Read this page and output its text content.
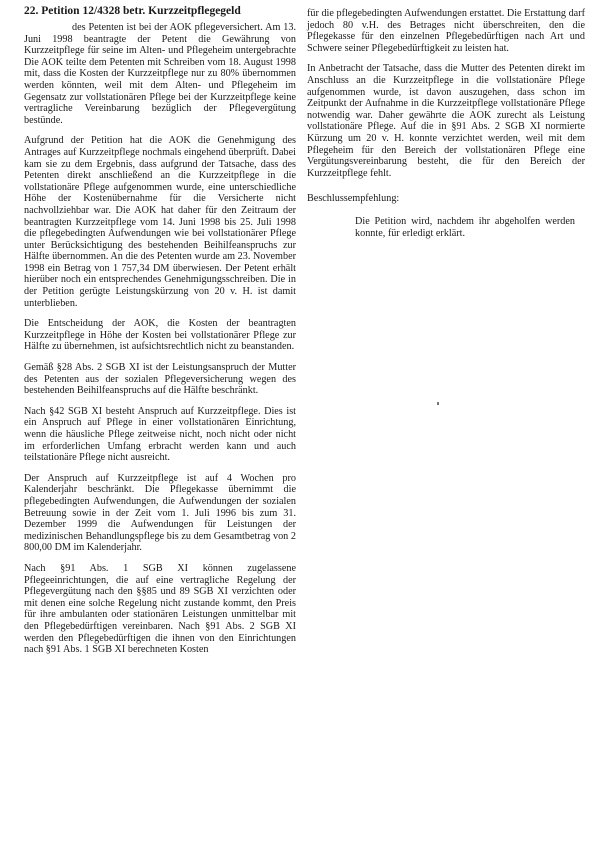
22. Petition 12/4328 betr. Kurzzeitpflegegeld

des Petenten ist bei der AOK pflegeversichert. Am 13. Juni 1998 beantragte der Petent die Gewährung von Kurzzeitpflege für seine im Alten- und Pflegeheim untergebrachte Die AOK teilte dem Petenten mit Schreiben vom 18. August 1998 mit, dass die Kosten der Kurzzeitpflege nur zu 80% übernommen werden könnten, weil mit dem Alten- und Pflegeheim im Gegensatz zur vollstationären Pflege bei der Kurzzeitpflege keine vertragliche Vereinbarung bezüglich der Pflegevergütung bestünde.

Aufgrund der Petition hat die AOK die Genehmigung des Antrages auf Kurzzeitpflege nochmals eingehend überprüft. Dabei kam sie zu dem Ergebnis, dass aufgrund der Tatsache, dass des Petenten direkt anschließend an die Kurzzeitpflege in die vollstationäre Pflege aufgenommen wurde, eine unterschiedliche Höhe der Kostenübernahme für die Versicherte nicht nachvollziehbar war. Die AOK hat daher für den Zeitraum der beantragten Kurzzeitpflege vom 14. Juni 1998 bis 25. Juli 1998 die pflegebedingten Aufwendungen wie bei vollstationärer Pflege unter Berücksichtigung des bestehenden Beihilfeanspruchs zur Hälfte übernommen. An die des Petenten wurde am 23. November 1998 ein Betrag von 1 757,34 DM überwiesen. Der Petent erhält hierüber noch ein entsprechendes Genehmigungsschreiben. Die in der Petition gerügte Leistungskürzung von 20 v. H. ist damit unterblieben.

Die Entscheidung der AOK, die Kosten der beantragten Kurzzeitpflege in Höhe der Kosten bei vollstationärer Pflege zur Hälfte zu übernehmen, ist aufsichtsrechtlich nicht zu beanstanden.

Gemäß §28 Abs. 2 SGB XI ist der Leistungsanspruch der Mutter des Petenten aus der sozialen Pflegeversicherung wegen des bestehenden Beihilfeanspruchs auf die Hälfte beschränkt.

Nach §42 SGB XI besteht Anspruch auf Kurzzeitpflege. Dies ist ein Anspruch auf Pflege in einer vollstationären Einrichtung, wenn die häusliche Pflege zeitweise nicht, noch nicht oder nicht im erforderlichen Umfang erbracht werden kann und auch teilstationäre Pflege nicht ausreicht.

Der Anspruch auf Kurzzeitpflege ist auf 4 Wochen pro Kalenderjahr beschränkt. Die Pflegekasse übernimmt die pflegebedingten Aufwendungen, die Aufwendungen der sozialen Betreuung sowie in der Zeit vom 1. Juli 1996 bis zum 31. Dezember 1999 die Aufwendungen für Leistungen der medizinischen Behandlungspflege bis zu dem Gesamtbetrag von 2 800,00 DM im Kalenderjahr.

Nach §91 Abs. 1 SGB XI können zugelassene Pflegeeinrichtungen, die auf eine vertragliche Regelung der Pflegevergütung nach den §§85 und 89 SGB XI verzichten oder mit denen eine solche Regelung nicht zustande kommt, den Preis für ihre ambulanten oder stationären Leistungen unmittelbar mit den Pflegebedürftigen vereinbaren. Nach §91 Abs. 2 SGB XI werden den Pflegebedürftigen die ihnen von den Einrichtungen nach §91 Abs. 1 SGB XI berechneten Kosten

für die pflegebedingten Aufwendungen erstattet. Die Erstattung darf jedoch 80 v.H. des Betrages nicht überschreiten, den die Pflegekasse für den einzelnen Pflegebedürftigen nach Art und Schwere seiner Pflegebedürftigkeit zu leisten hat.

In Anbetracht der Tatsache, dass die Mutter des Petenten direkt im Anschluss an die Kurzzeitpflege in die vollstationäre Pflege aufgenommen wurde, ist davon auszugehen, dass schon im Zeitpunkt der Aufnahme in die Kurzzeitpflege vollstationäre Pflege notwendig war. Daher gewährte die AOK zurecht als Leistung vollstationäre Pflege. Auf die in §91 Abs. 2 SGB XI normierte Kürzung um 20 v. H. konnte verzichtet werden, weil mit dem Pflegeheim für den Bereich der vollstationären Pflege eine Vergütungsvereinbarung besteht, die für den Bereich der Kurzzeitpflege fehlt.

Beschlussempfehlung:
Die Petition wird, nachdem ihr abgeholfen werden konnte, für erledigt erklärt.
